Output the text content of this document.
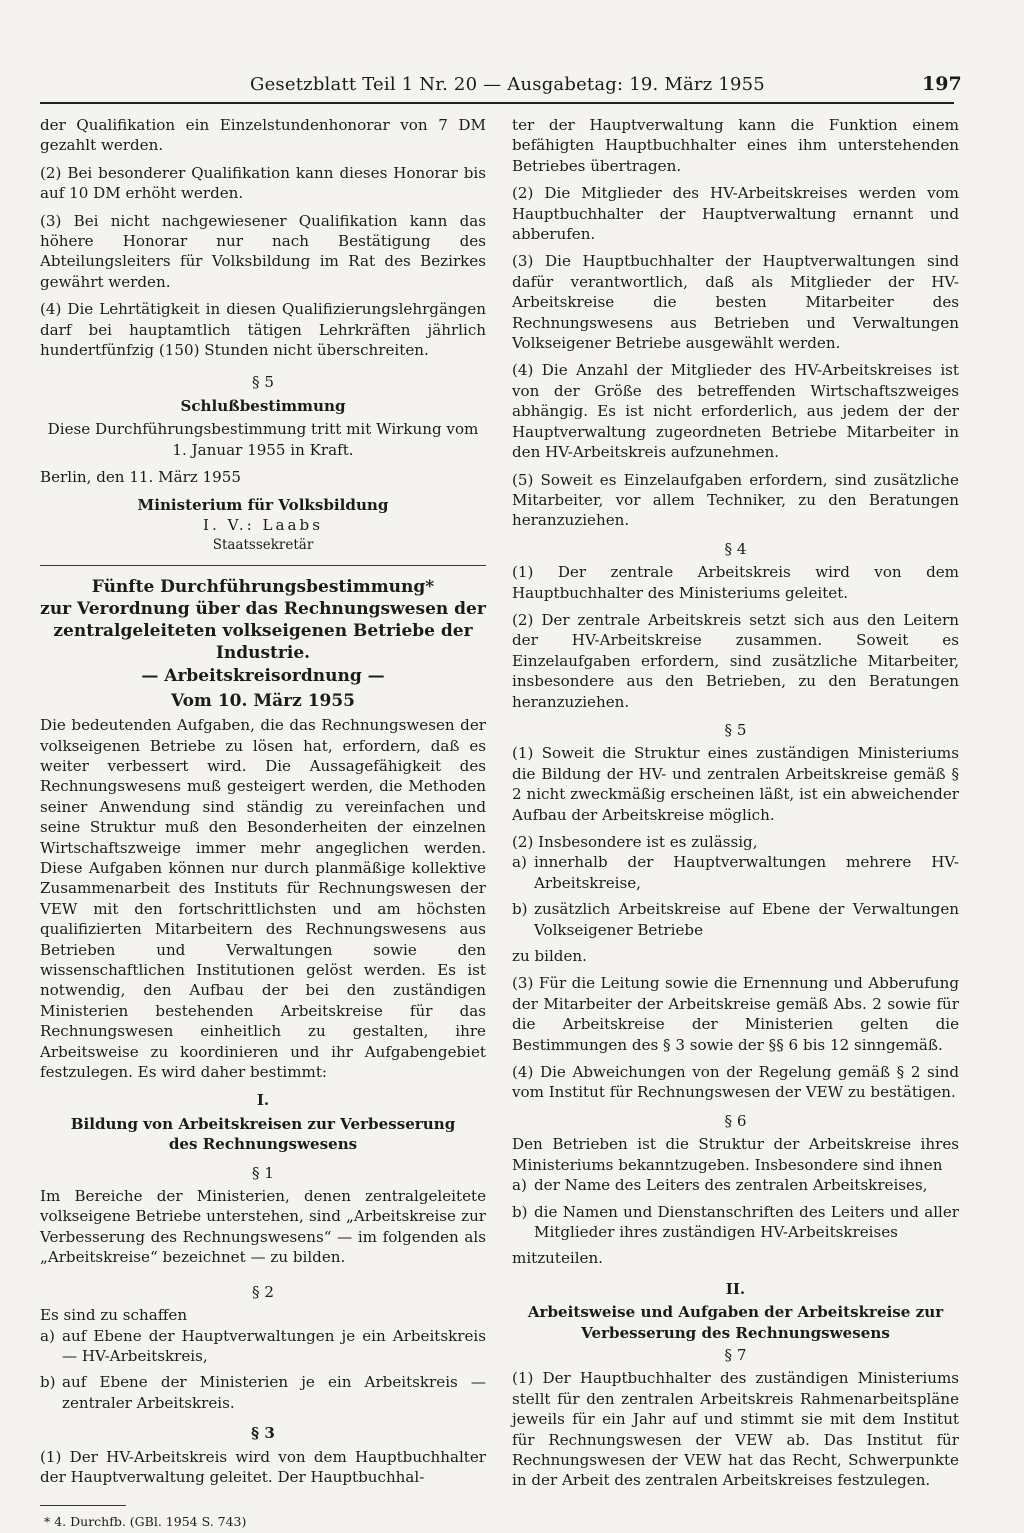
Gesetzblatt Teil 1 Nr. 20 — Ausgabetag: 19. März 1955	197

der Qualifikation ein Einzelstundenhonorar von 7 DM gezahlt werden.

(2) Bei besonderer Qualifikation kann dieses Honorar bis auf 10 DM erhöht werden.

(3) Bei nicht nachgewiesener Qualifikation kann das höhere Honorar nur nach Bestätigung des Abteilungsleiters für Volksbildung im Rat des Bezirkes gewährt werden.

(4) Die Lehrtätigkeit in diesen Qualifizierungslehrgängen darf bei hauptamtlich tätigen Lehrkräften jährlich hundertfünfzig (150) Stunden nicht überschreiten.

§ 5
Schlußbestimmung

Diese Durchführungsbestimmung tritt mit Wirkung vom 1. Januar 1955 in Kraft.

Berlin, den 11. März 1955

Ministerium für Volksbildung
I. V.: Laabs
Staatssekretär
Fünfte Durchführungsbestimmung*
zur Verordnung über das Rechnungswesen der zentralgeleiteten volkseigenen Betriebe der Industrie.
— Arbeitskreisordnung —
Vom 10. März 1955

Die bedeutenden Aufgaben, die das Rechnungswesen der volkseigenen Betriebe zu lösen hat, erfordern, daß es weiter verbessert wird. Die Aussagefähigkeit des Rechnungswesens muß gesteigert werden, die Methoden seiner Anwendung sind ständig zu vereinfachen und seine Struktur muß den Besonderheiten der einzelnen Wirtschaftszweige immer mehr angeglichen werden. Diese Aufgaben können nur durch planmäßige kollektive Zusammenarbeit des Instituts für Rechnungswesen der VEW mit den fortschrittlichsten und am höchsten qualifizierten Mitarbeitern des Rechnungswesens aus Betrieben und Verwaltungen sowie den wissenschaftlichen Institutionen gelöst werden. Es ist notwendig, den Aufbau der bei den zuständigen Ministerien bestehenden Arbeitskreise für das Rechnungswesen einheitlich zu gestalten, ihre Arbeitsweise zu koordinieren und ihr Aufgabengebiet festzulegen. Es wird daher bestimmt:

I.
Bildung von Arbeitskreisen zur Verbesserung des Rechnungswesens
§ 1

Im Bereiche der Ministerien, denen zentralgeleitete volkseigene Betriebe unterstehen, sind „Arbeitskreise zur Verbesserung des Rechnungswesens“ — im folgenden als „Arbeitskreise“ bezeichnet — zu bilden.

§ 2

Es sind zu schaffen

a) auf Ebene der Hauptverwaltungen je ein Arbeitskreis — HV-Arbeitskreis,
b) auf Ebene der Ministerien je ein Arbeitskreis — zentraler Arbeitskreis.
§ 3

(1) Der HV-Arbeitskreis wird von dem Hauptbuchhalter der Hauptverwaltung geleitet. Der Hauptbuchhal-

* 4. Durchfb. (GBl. 1954 S. 743)

ter der Hauptverwaltung kann die Funktion einem befähigten Hauptbuchhalter eines ihm unterstehenden Betriebes übertragen.

(2) Die Mitglieder des HV-Arbeitskreises werden vom Hauptbuchhalter der Hauptverwaltung ernannt und abberufen.

(3) Die Hauptbuchhalter der Hauptverwaltungen sind dafür verantwortlich, daß als Mitglieder der HV-Arbeitskreise die besten Mitarbeiter des Rechnungswesens aus Betrieben und Verwaltungen Volkseigener Betriebe ausgewählt werden.

(4) Die Anzahl der Mitglieder des HV-Arbeitskreises ist von der Größe des betreffenden Wirtschaftszweiges abhängig. Es ist nicht erforderlich, aus jedem der der Hauptverwaltung zugeordneten Betriebe Mitarbeiter in den HV-Arbeitskreis aufzunehmen.

(5) Soweit es Einzelaufgaben erfordern, sind zusätzliche Mitarbeiter, vor allem Techniker, zu den Beratungen heranzuziehen.

§ 4

(1) Der zentrale Arbeitskreis wird von dem Hauptbuchhalter des Ministeriums geleitet.

(2) Der zentrale Arbeitskreis setzt sich aus den Leitern der HV-Arbeitskreise zusammen. Soweit es Einzelaufgaben erfordern, sind zusätzliche Mitarbeiter, insbesondere aus den Betrieben, zu den Beratungen heranzuziehen.

§ 5

(1) Soweit die Struktur eines zuständigen Ministeriums die Bildung der HV- und zentralen Arbeitskreise gemäß § 2 nicht zweckmäßig erscheinen läßt, ist ein abweichender Aufbau der Arbeitskreise möglich.

(2) Insbesondere ist es zulässig,

a) innerhalb der Hauptverwaltungen mehrere HV-Arbeitskreise,
b) zusätzlich Arbeitskreise auf Ebene der Verwaltungen Volkseigener Betriebe

zu bilden.

(3) Für die Leitung sowie die Ernennung und Abberufung der Mitarbeiter der Arbeitskreise gemäß Abs. 2 sowie für die Arbeitskreise der Ministerien gelten die Bestimmungen des § 3 sowie der §§ 6 bis 12 sinngemäß.

(4) Die Abweichungen von der Regelung gemäß § 2 sind vom Institut für Rechnungswesen der VEW zu bestätigen.

§ 6

Den Betrieben ist die Struktur der Arbeitskreise ihres Ministeriums bekanntzugeben. Insbesondere sind ihnen

a) der Name des Leiters des zentralen Arbeitskreises,
b) die Namen und Dienstanschriften des Leiters und aller Mitglieder ihres zuständigen HV-Arbeitskreises

mitzuteilen.

II.
Arbeitsweise und Aufgaben der Arbeitskreise zur Verbesserung des Rechnungswesens
§ 7

(1) Der Hauptbuchhalter des zuständigen Ministeriums stellt für den zentralen Arbeitskreis Rahmenarbeitspläne jeweils für ein Jahr auf und stimmt sie mit dem Institut für Rechnungswesen der VEW ab. Das Institut für Rechnungswesen der VEW hat das Recht, Schwerpunkte in der Arbeit des zentralen Arbeitskreises festzulegen.
